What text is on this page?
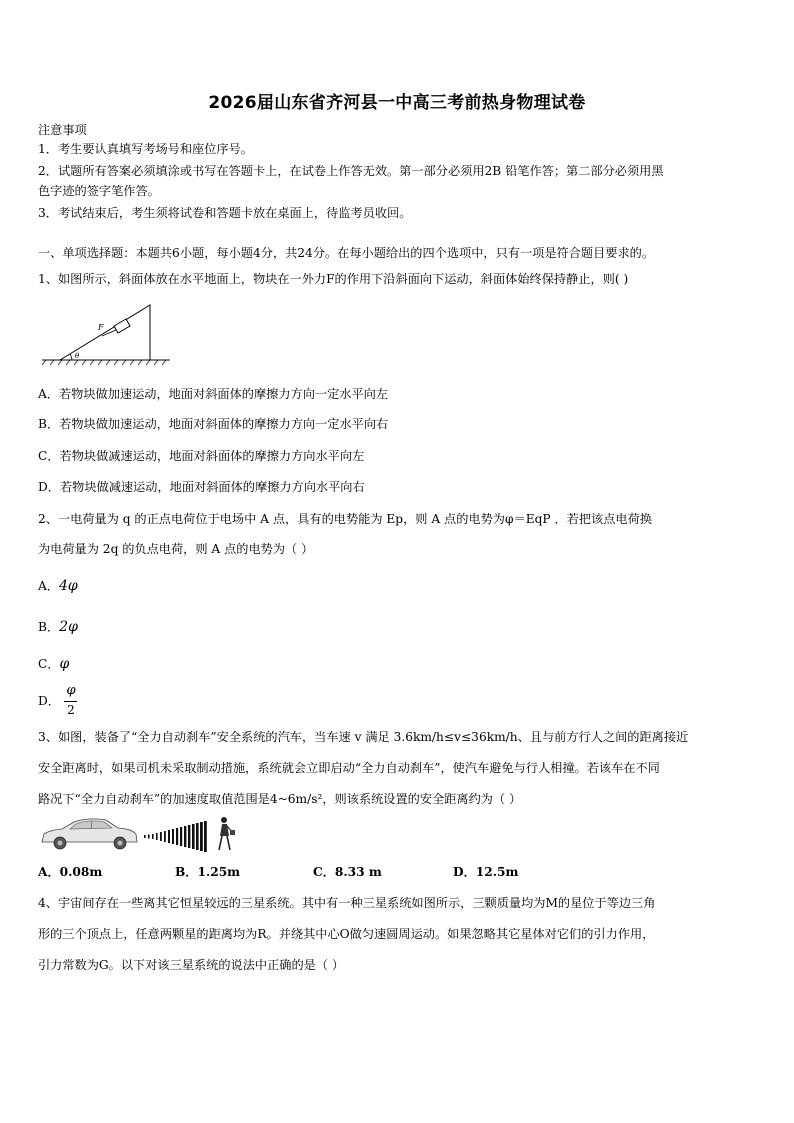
2026届山东省齐河县一中高三考前热身物理试卷
注意事项
1．考生要认真填写考场号和座位序号。
2．试题所有答案必须填涂或书写在答题卡上，在试卷上作答无效。第一部分必须用2B 铅笔作答；第二部分必须用黑
色字迹的签字笔作答。
3．考试结束后，考生须将试卷和答题卡放在桌面上，待监考员收回。
一、单项选择题：本题共6小题，每小题4分，共24分。在每小题给出的四个选项中，只有一项是符合题目要求的。
1、如图所示，斜面体放在水平地面上，物块在一外力F的作用下沿斜面向下运动，斜面体始终保持静止，则( )
F
θ
A．若物块做加速运动，地面对斜面体的摩擦力方向一定水平向左
B．若物块做加速运动，地面对斜面体的摩擦力方向一定水平向右
C．若物块做减速运动，地面对斜面体的摩擦力方向水平向左
D．若物块做减速运动，地面对斜面体的摩擦力方向水平向右
2、一电荷量为 q 的正点电荷位于电场中 A 点，具有的电势能为 Ep，则 A 点的电势为φ＝EqP ．若把该点电荷换
为电荷量为 2q 的负点电荷，则 A 点的电势为（ ）
A．4φ
B．2φ
C．φ
D．
φ
2
3、如图，装备了“全力自动刹车”安全系统的汽车，当车速 v 满足 3.6km/h≤v≤36km/h、且与前方行人之间的距离接近
安全距离时，如果司机未采取制动措施，系统就会立即启动“全力自动刹车”，使汽车避免与行人相撞。若该车在不同
路况下“全力自动刹车”的加速度取值范围是4~6m/s²，则该系统设置的安全距离约为（ ）
A．0.08m	B．1.25m	C．8.33 m	D．12.5m
4、宇宙间存在一些离其它恒星较远的三星系统。其中有一种三星系统如图所示，三颗质量均为M的星位于等边三角
形的三个顶点上，任意两颗星的距离均为R。并绕其中心O做匀速圆周运动。如果忽略其它星体对它们的引力作用，
引力常数为G。以下对该三星系统的说法中正确的是（ ）
